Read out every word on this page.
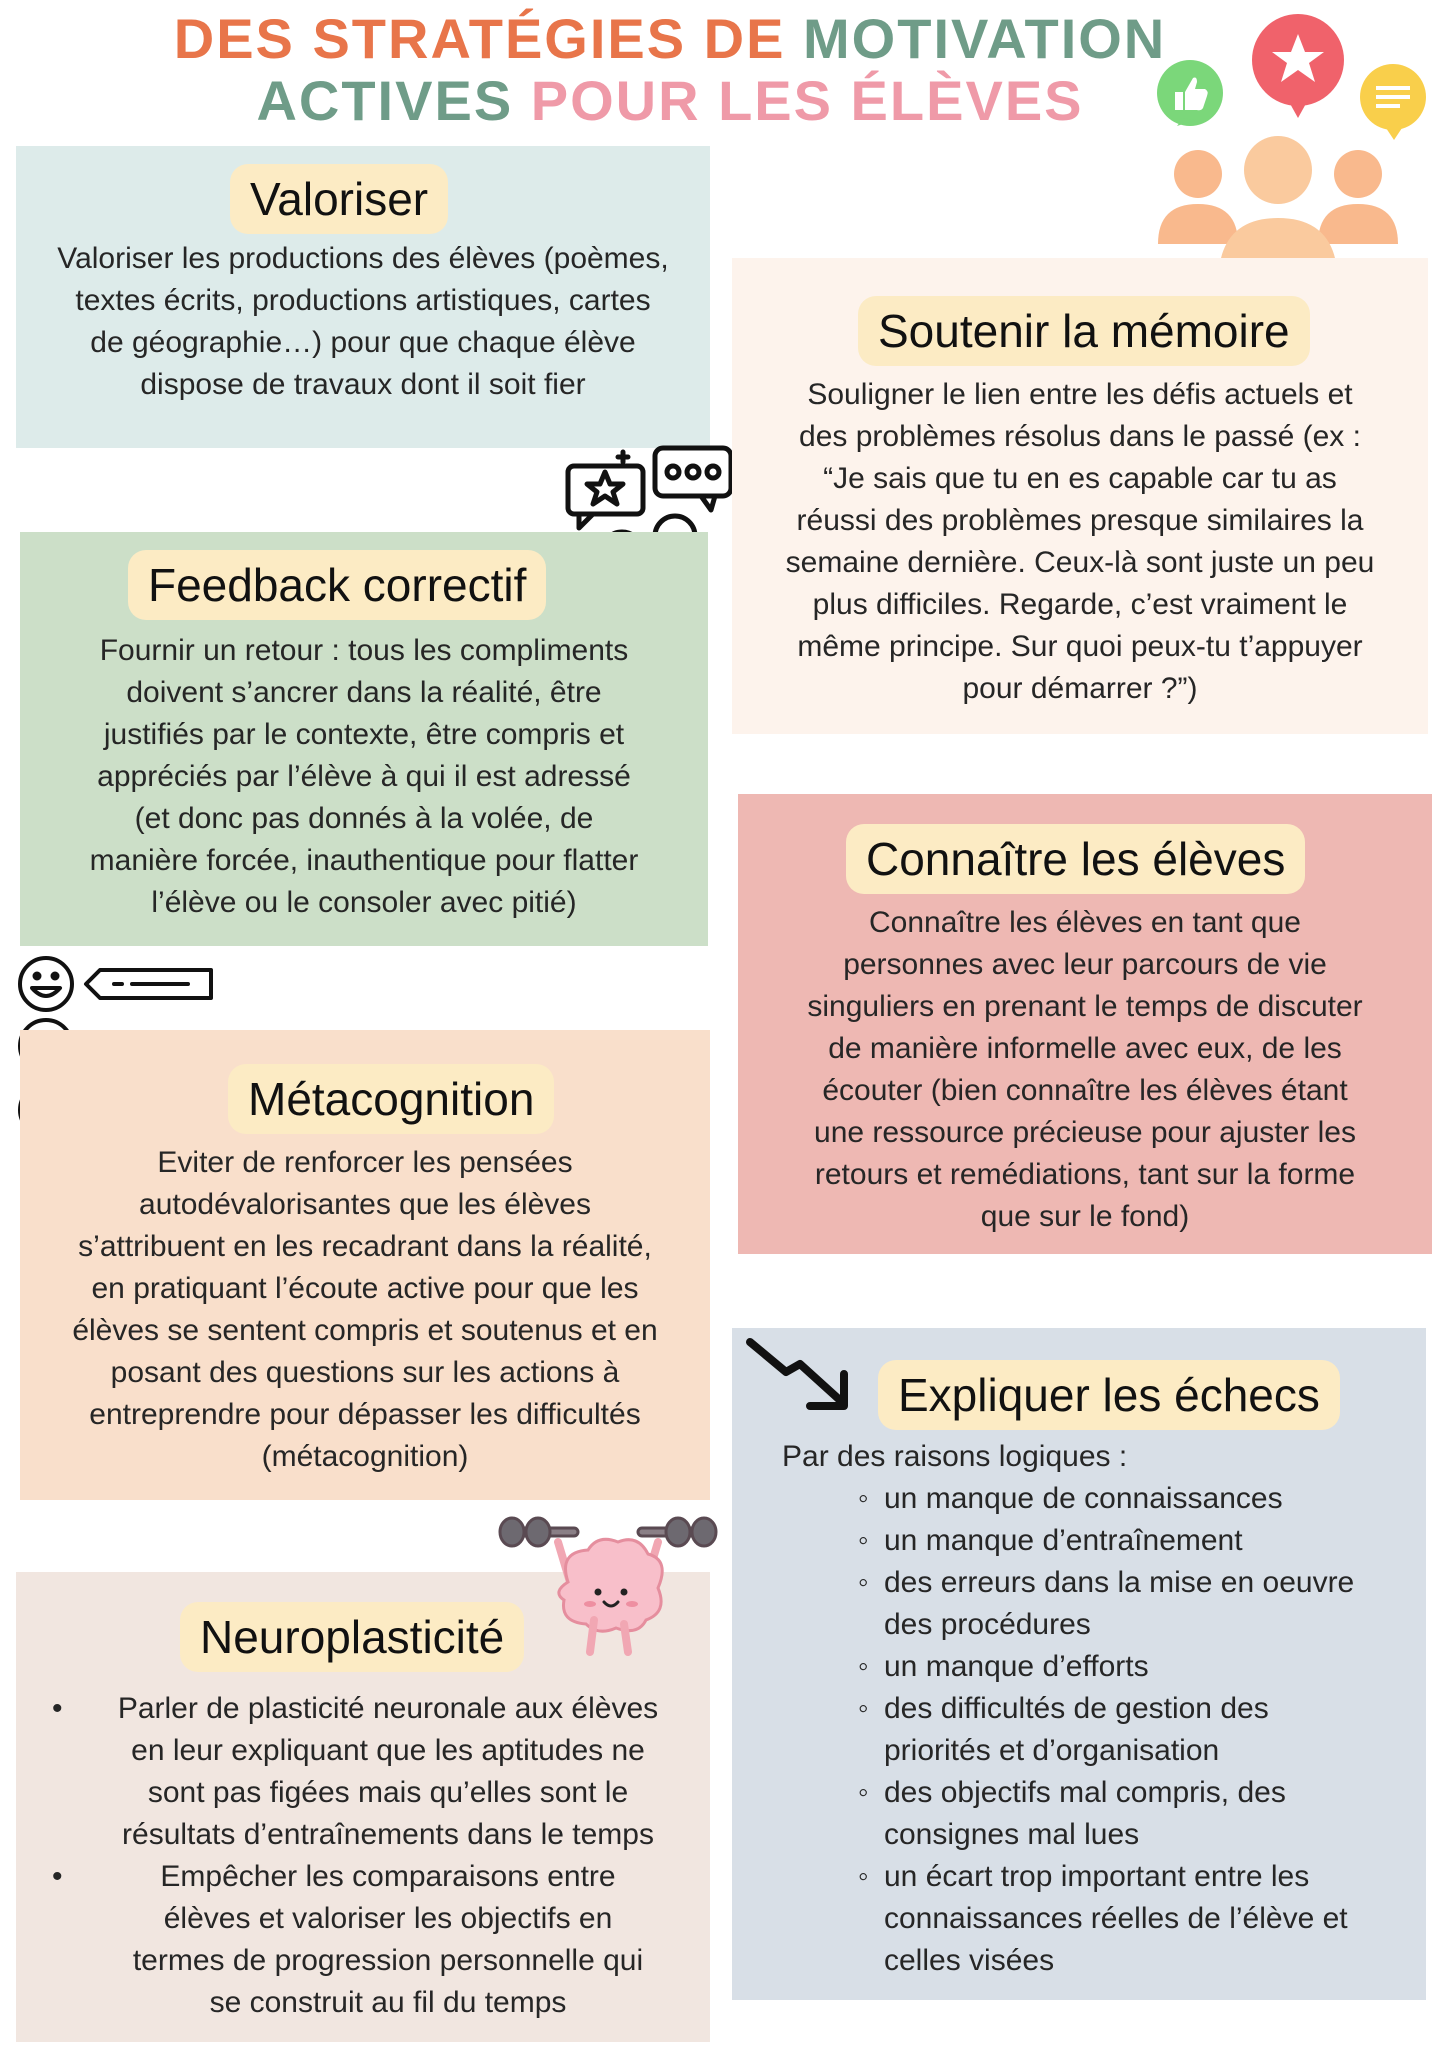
DES STRATÉGIES DE MOTIVATION
ACTIVES POUR LES ÉLÈVES
Valoriser
Valoriser les productions des élèves (poèmes,
textes écrits, productions artistiques, cartes
de géographie…) pour que chaque élève
dispose de travaux dont il soit fier
Feedback correctif
Fournir un retour : tous les compliments
doivent s’ancrer dans la réalité, être
justifiés par le contexte, être compris et
appréciés par l’élève à qui il est adressé
(et donc pas donnés à la volée, de
manière forcée, inauthentique pour flatter
l’élève ou le consoler avec pitié)
Métacognition
Eviter de renforcer les pensées
autodévalorisantes que les élèves
s’attribuent en les recadrant dans la réalité,
en pratiquant l’écoute active pour que les
élèves se sentent compris et soutenus et en
posant des questions sur les actions à
entreprendre pour dépasser les difficultés
(métacognition)
Neuroplasticité
• Parler de plasticité neuronale aux élèves
en leur expliquant que les aptitudes ne
sont pas figées mais qu’elles sont le
résultats d’entraînements dans le temps
• Empêcher les comparaisons entre
élèves et valoriser les objectifs en
termes de progression personnelle qui
se construit au fil du temps
Soutenir la mémoire
Souligner le lien entre les défis actuels et
des problèmes résolus dans le passé (ex :
“Je sais que tu en es capable car tu as
réussi des problèmes presque similaires la
semaine dernière. Ceux-là sont juste un peu
plus difficiles. Regarde, c’est vraiment le
même principe. Sur quoi peux-tu t’appuyer
pour démarrer ?”)
Connaître les élèves
Connaître les élèves en tant que
personnes avec leur parcours de vie
singuliers en prenant le temps de discuter
de manière informelle avec eux, de les
écouter (bien connaître les élèves étant
une ressource précieuse pour ajuster les
retours et remédiations, tant sur la forme
que sur le fond)
Expliquer les échecs
Par des raisons logiques :
◦ un manque de connaissances
◦ un manque d’entraînement
◦ des erreurs dans la mise en oeuvre
des procédures
◦ un manque d’efforts
◦ des difficultés de gestion des
priorités et d’organisation
◦ des objectifs mal compris, des
consignes mal lues
◦ un écart trop important entre les
connaissances réelles de l’élève et
celles visées
